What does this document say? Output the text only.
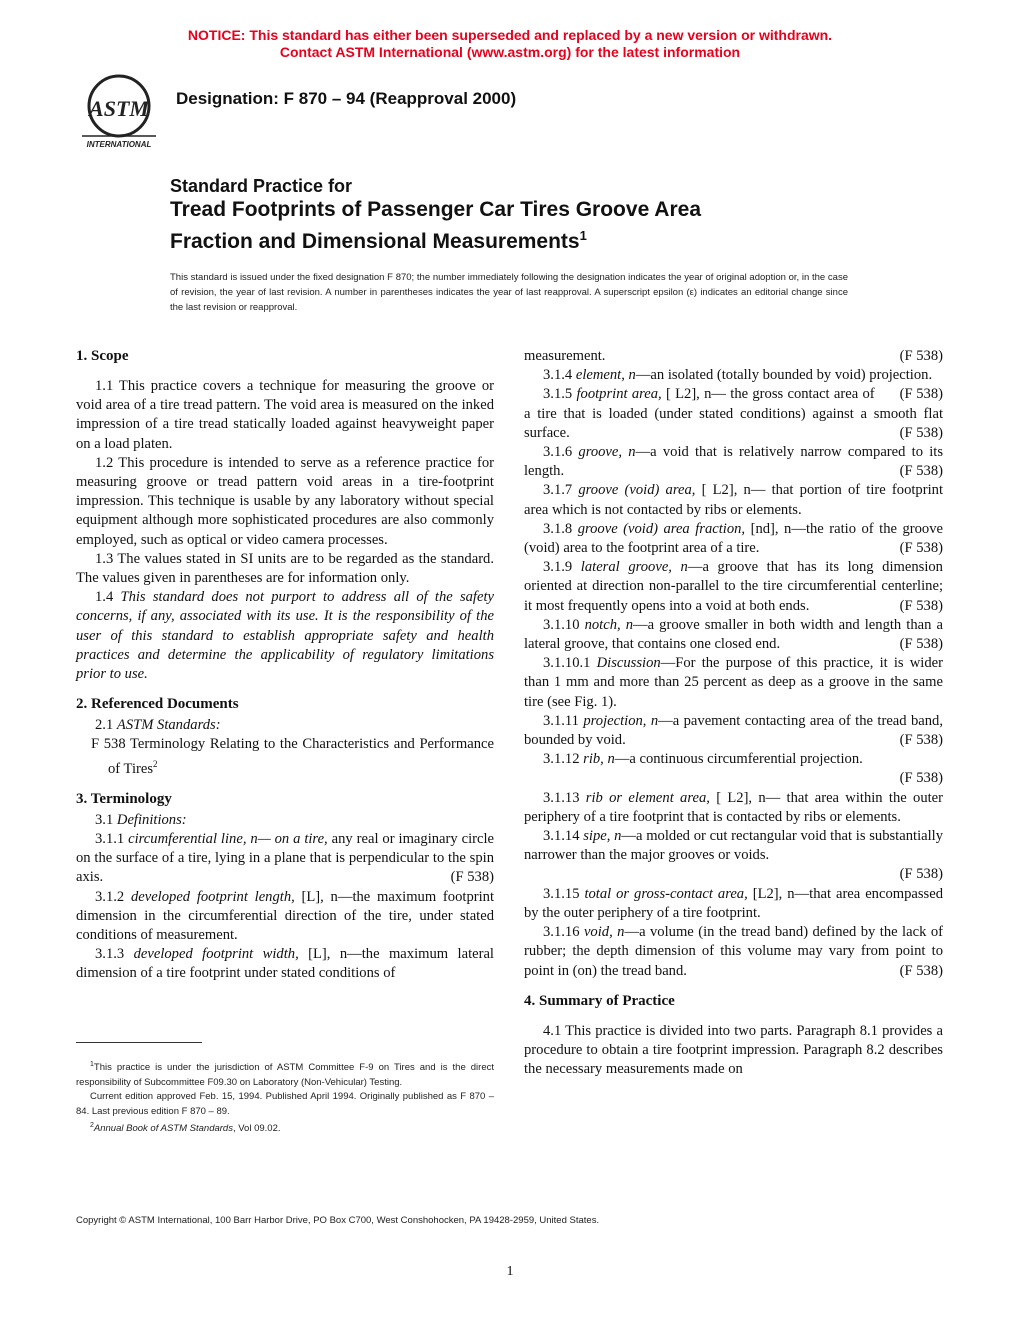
NOTICE: This standard has either been superseded and replaced by a new version or withdrawn.
Contact ASTM International (www.astm.org) for the latest information
ASTM
INTERNATIONAL
Designation: F 870 – 94 (Reapproval 2000)
Standard Practice for
Tread Footprints of Passenger Car Tires Groove Area
Fraction and Dimensional Measurements$^1$
This standard is issued under the fixed designation F 870; the number immediately following the designation indicates the year of original adoption or, in the case of revision, the year of last revision. A number in parentheses indicates the year of last reapproval. A superscript epsilon (ε) indicates an editorial change since the last revision or reapproval.
1. Scope

1.1 This practice covers a technique for measuring the groove or void area of a tire tread pattern. The void area is measured on the inked impression of a tire tread statically loaded against heavyweight paper on a load platen.

1.2 This procedure is intended to serve as a reference practice for measuring groove or tread pattern void areas in a tire-footprint impression. This technique is usable by any laboratory without special equipment although more sophisticated procedures are also commonly employed, such as optical or video camera processes.

1.3 The values stated in SI units are to be regarded as the standard. The values given in parentheses are for information only.

1.4 This standard does not purport to address all of the safety concerns, if any, associated with its use. It is the responsibility of the user of this standard to establish appropriate safety and health practices and determine the applicability of regulatory limitations prior to use.

2. Referenced Documents

2.1 ASTM Standards:

F 538 Terminology Relating to the Characteristics and Performance of Tires$^2$

3. Terminology

3.1 Definitions:

3.1.1 circumferential line, n— on a tire, any real or imaginary circle on the surface of a tire, lying in a plane that is perpendicular to the spin axis.	(F 538)

3.1.2 developed footprint length, [L], n—the maximum footprint dimension in the circumferential direction of the tire, under stated conditions of measurement.

3.1.3 developed footprint width, [L], n—the maximum lateral dimension of a tire footprint under stated conditions of

$^1$This practice is under the jurisdiction of ASTM Committee F-9 on Tires and is the direct responsibility of Subcommittee F09.30 on Laboratory (Non-Vehicular) Testing.

Current edition approved Feb. 15, 1994. Published April 1994. Originally published as F 870 – 84. Last previous edition F 870 – 89.

$^2$Annual Book of ASTM Standards, Vol 09.02.

measurement.	(F 538)

3.1.4 element, n—an isolated (totally bounded by void) projection.
(F 538)

3.1.5 footprint area, [ L2], n— the gross contact area of a tire that is loaded (under stated conditions) against a smooth flat surface.	(F 538)

3.1.6 groove, n—a void that is relatively narrow compared to its length.	(F 538)

3.1.7 groove (void) area, [ L2], n— that portion of tire footprint area which is not contacted by ribs or elements.

3.1.8 groove (void) area fraction, [nd], n—the ratio of the groove (void) area to the footprint area of a tire.	(F 538)

3.1.9 lateral groove, n—a groove that has its long dimension oriented at direction non-parallel to the tire circumferential centerline; it most frequently opens into a void at both ends.	(F 538)

3.1.10 notch, n—a groove smaller in both width and length than a lateral groove, that contains one closed end.	(F 538)

3.1.10.1 Discussion—For the purpose of this practice, it is wider than 1 mm and more than 25 percent as deep as a groove in the same tire (see Fig. 1).

3.1.11 projection, n—a pavement contacting area of the tread band, bounded by void.	(F 538)

3.1.12 rib, n—a continuous circumferential projection.

(F 538)

3.1.13 rib or element area, [ L2], n— that area within the outer periphery of a tire footprint that is contacted by ribs or elements.

3.1.14 sipe, n—a molded or cut rectangular void that is substantially narrower than the major grooves or voids.

(F 538)

3.1.15 total or gross-contact area, [L2], n—that area encompassed by the outer periphery of a tire footprint.

3.1.16 void, n—a volume (in the tread band) defined by the lack of rubber; the depth dimension of this volume may vary from point to point in (on) the tread band.	(F 538)

4. Summary of Practice

4.1 This practice is divided into two parts. Paragraph 8.1 provides a procedure to obtain a tire footprint impression. Paragraph 8.2 describes the necessary measurements made on

Copyright © ASTM International, 100 Barr Harbor Drive, PO Box C700, West Conshohocken, PA 19428-2959, United States.
1
